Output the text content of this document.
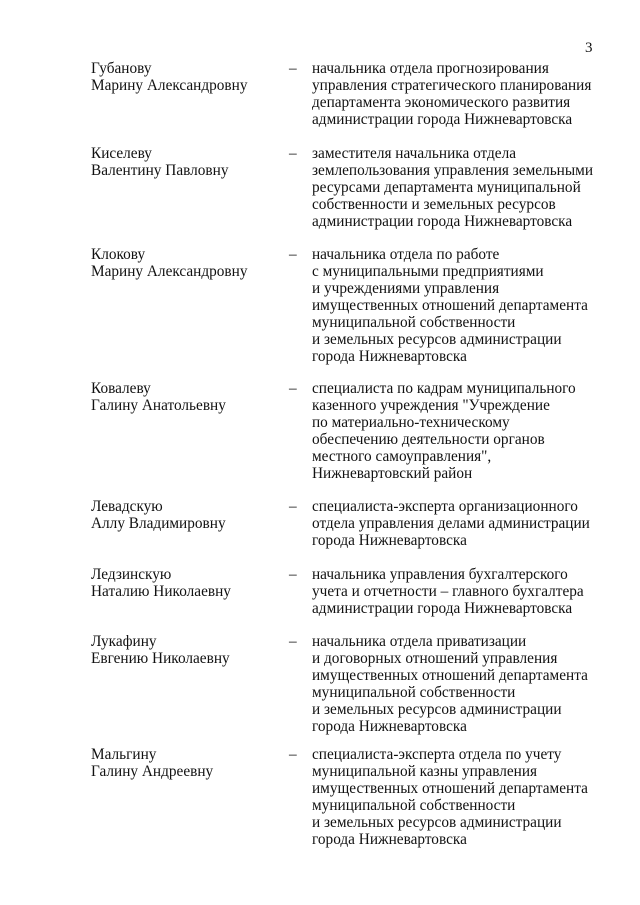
3
Губанову
Марину Александровну
– начальника отдела прогнозирования
управления стратегического планирования
департамента экономического развития
администрации города Нижневартовска
Киселеву
Валентину Павловну
– заместителя начальника отдела
землепользования управления земельными
ресурсами департамента муниципальной
собственности и земельных ресурсов
администрации города Нижневартовска
Клокову
Марину Александровну
– начальника отдела по работе
с муниципальными предприятиями
и учреждениями управления
имущественных отношений департамента
муниципальной собственности
и земельных ресурсов администрации
города Нижневартовска
Ковалеву
Галину Анатольевну
– специалиста по кадрам муниципального
казенного учреждения "Учреждение
по материально-техническому
обеспечению деятельности органов
местного самоуправления",
Нижневартовский район
Левадскую
Аллу Владимировну
– специалиста-эксперта организационного
отдела управления делами администрации
города Нижневартовска
Ледзинскую
Наталию Николаевну
– начальника управления бухгалтерского
учета и отчетности – главного бухгалтера
администрации города Нижневартовска
Лукафину
Евгению Николаевну
– начальника отдела приватизации
и договорных отношений управления
имущественных отношений департамента
муниципальной собственности
и земельных ресурсов администрации
города Нижневартовска
Мальгину
Галину Андреевну
– специалиста-эксперта отдела по учету
муниципальной казны управления
имущественных отношений департамента
муниципальной собственности
и земельных ресурсов администрации
города Нижневартовска
